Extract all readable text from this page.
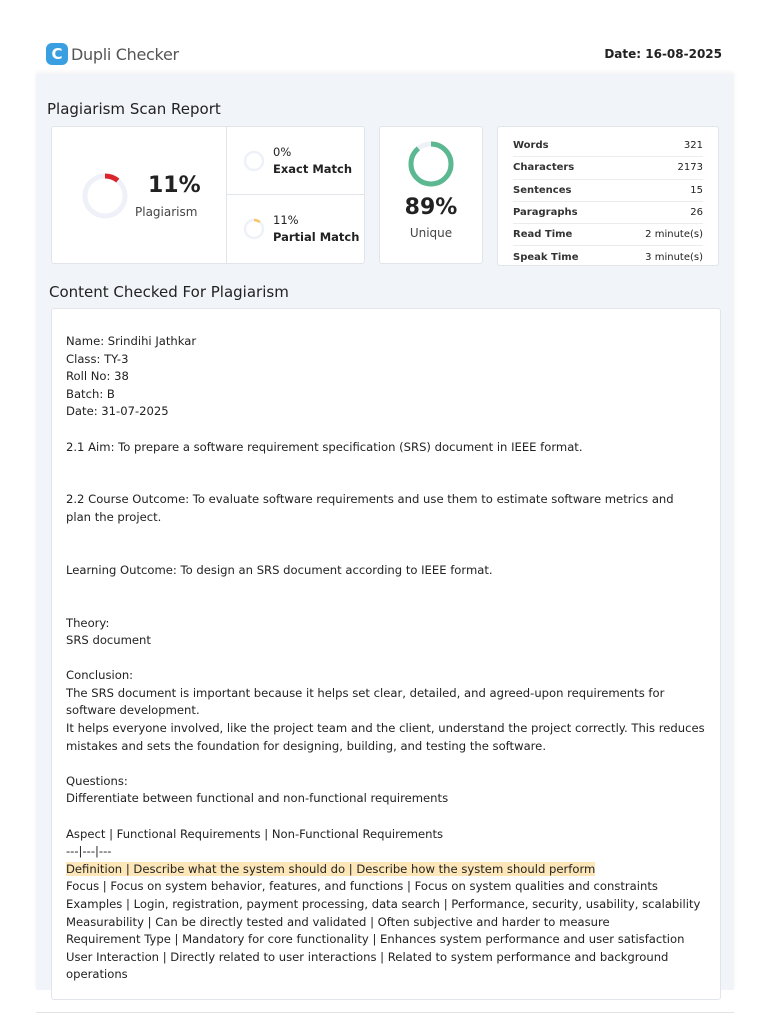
C Dupli Checker	Date: 16-08-2025
Plagiarism Scan Report
11%
Plagiarism
0%
Exact Match
11%
Partial Match
89%
Unique
Words	321
Characters	2173
Sentences	15
Paragraphs	26
Read Time	2 minute(s)
Speak Time	3 minute(s)
Content Checked For Plagiarism
Name: Srindihi Jathkar
Class: TY-3
Roll No: 38
Batch: B
Date: 31-07-2025
2.1 Aim: To prepare a software requirement specification (SRS) document in IEEE format.
2.2 Course Outcome: To evaluate software requirements and use them to estimate software metrics and
plan the project.
Learning Outcome: To design an SRS document according to IEEE format.
Theory:
SRS document
Conclusion:
The SRS document is important because it helps set clear, detailed, and agreed-upon requirements for
software development.
It helps everyone involved, like the project team and the client, understand the project correctly. This reduces
mistakes and sets the foundation for designing, building, and testing the software.
Questions:
Differentiate between functional and non-functional requirements
Aspect | Functional Requirements | Non-Functional Requirements
---|---|---
Definition | Describe what the system should do | Describe how the system should perform
Focus | Focus on system behavior, features, and functions | Focus on system qualities and constraints
Examples | Login, registration, payment processing, data search | Performance, security, usability, scalability
Measurability | Can be directly tested and validated | Often subjective and harder to measure
Requirement Type | Mandatory for core functionality | Enhances system performance and user satisfaction
User Interaction | Directly related to user interactions | Related to system performance and background
operations
